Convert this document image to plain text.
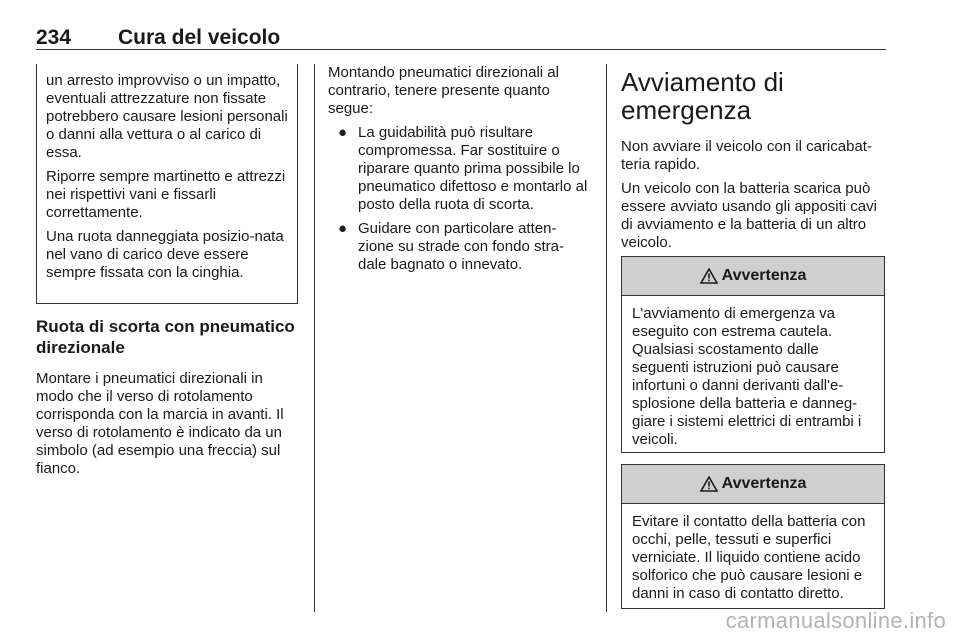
234 Cura del veicolo

un arresto improvviso o un impatto, eventuali attrezzature non fissate potrebbero causare lesioni personali o danni alla vettura o al carico di essa.

Riporre sempre martinetto e attrezzi nei rispettivi vani e fissarli correttamente.

Una ruota danneggiata posizio-nata nel vano di carico deve essere sempre fissata con la cinghia.

Ruota di scorta con pneumatico direzionale

Montare i pneumatici direzionali in modo che il verso di rotolamento corrisponda con la marcia in avanti. Il verso di rotolamento è indicato da un simbolo (ad esempio una freccia) sul fianco.

Montando pneumatici direzionali al contrario, tenere presente quanto segue:

● La guidabilità può risultare compromessa. Far sostituire o riparare quanto prima possibile lo pneumatico difettoso e montarlo al posto della ruota di scorta.
● Guidare con particolare atten-zione su strade con fondo stra-dale bagnato o innevato.
Avviamento di emergenza

Non avviare il veicolo con il caricabat-teria rapido.

Un veicolo con la batteria scarica può essere avviato usando gli appositi cavi di avviamento e la batteria di un altro veicolo.

Avvertenza

L'avviamento di emergenza va eseguito con estrema cautela. Qualsiasi scostamento dalle seguenti istruzioni può causare infortuni o danni derivanti dall'e-splosione della batteria e danneg-giare i sistemi elettrici di entrambi i veicoli.

Avvertenza

Evitare il contatto della batteria con occhi, pelle, tessuti e superfici verniciate. Il liquido contiene acido solforico che può causare lesioni e danni in caso di contatto diretto.

carmanualsonline.info
